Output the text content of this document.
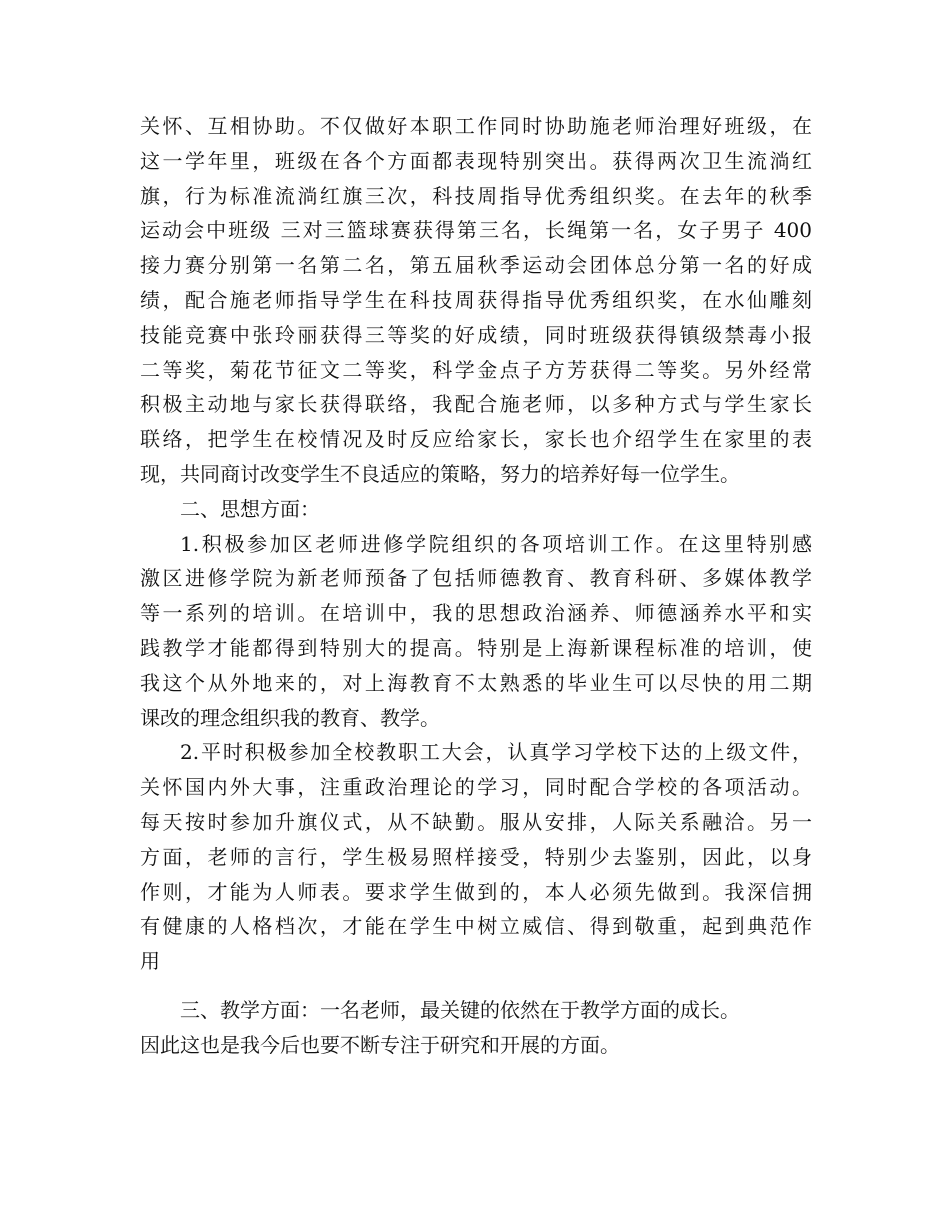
关怀、互相协助。不仅做好本职工作同时协助施老师治理好班级，在
这一学年里，班级在各个方面都表现特别突出。获得两次卫生流淌红
旗，行为标准流淌红旗三次，科技周指导优秀组织奖。在去年的秋季
运动会中班级 三对三篮球赛获得第三名，长绳第一名，女子男子 400
接力赛分别第一名第二名，第五届秋季运动会团体总分第一名的好成
绩，配合施老师指导学生在科技周获得指导优秀组织奖，在水仙雕刻
技能竞赛中张玲丽获得三等奖的好成绩，同时班级获得镇级禁毒小报
二等奖，菊花节征文二等奖，科学金点子方芳获得二等奖。另外经常
积极主动地与家长获得联络，我配合施老师，以多种方式与学生家长
联络，把学生在校情况及时反应给家长，家长也介绍学生在家里的表
现，共同商讨改变学生不良适应的策略，努力的培养好每一位学生。
二、思想方面：
1.积极参加区老师进修学院组织的各项培训工作。在这里特别感
激区进修学院为新老师预备了包括师德教育、教育科研、多媒体教学
等一系列的培训。在培训中，我的思想政治涵养、师德涵养水平和实
践教学才能都得到特别大的提高。特别是上海新课程标准的培训，使
我这个从外地来的，对上海教育不太熟悉的毕业生可以尽快的用二期
课改的理念组织我的教育、教学。
2.平时积极参加全校教职工大会，认真学习学校下达的上级文件，
关怀国内外大事，注重政治理论的学习，同时配合学校的各项活动。
每天按时参加升旗仪式，从不缺勤。服从安排，人际关系融洽。另一
方面，老师的言行，学生极易照样接受，特别少去鉴别，因此，以身
作则，才能为人师表。要求学生做到的，本人必须先做到。我深信拥
有健康的人格档次，才能在学生中树立威信、得到敬重，起到典范作
用
三、教学方面：一名老师，最关键的依然在于教学方面的成长。
因此这也是我今后也要不断专注于研究和开展的方面。
